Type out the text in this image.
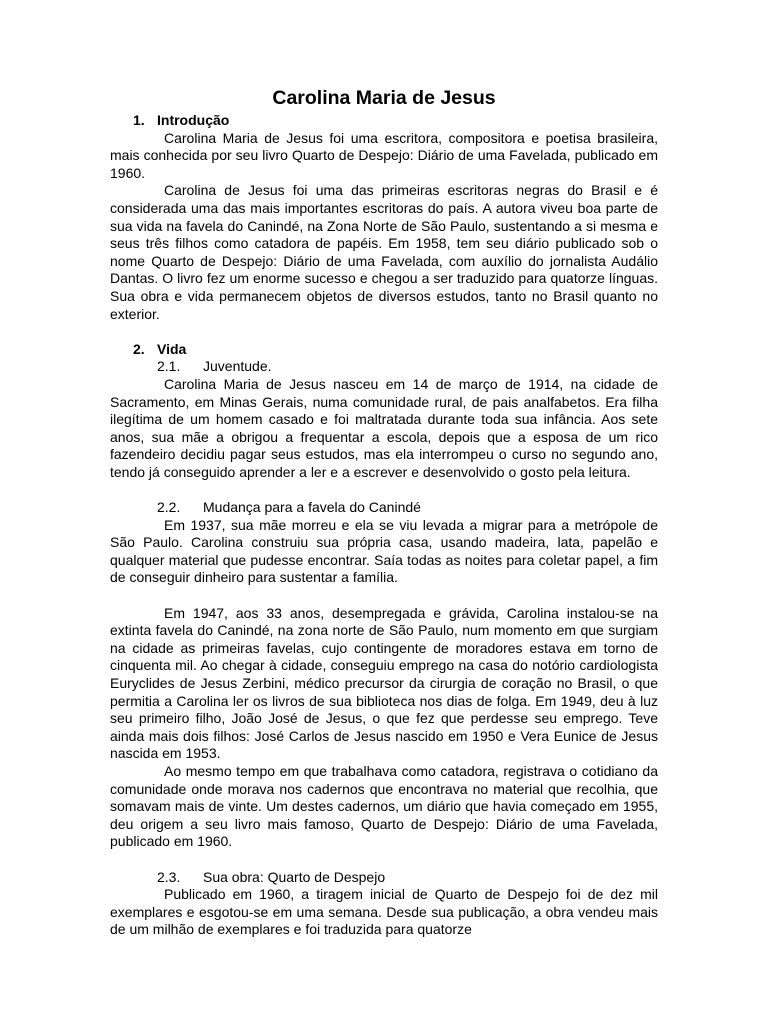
Carolina Maria de Jesus
1. Introdução

Carolina Maria de Jesus foi uma escritora, compositora e poetisa brasileira, mais conhecida por seu livro Quarto de Despejo: Diário de uma Favelada, publicado em 1960.

Carolina de Jesus foi uma das primeiras escritoras negras do Brasil e é considerada uma das mais importantes escritoras do país. A autora viveu boa parte de sua vida na favela do Canindé, na Zona Norte de São Paulo, sustentando a si mesma e seus três filhos como catadora de papéis. Em 1958, tem seu diário publicado sob o nome Quarto de Despejo: Diário de uma Favelada, com auxílio do jornalista Audálio Dantas. O livro fez um enorme sucesso e chegou a ser traduzido para quatorze línguas. Sua obra e vida permanecem objetos de diversos estudos, tanto no Brasil quanto no exterior.

2. Vida
2.1. Juventude.

Carolina Maria de Jesus nasceu em 14 de março de 1914, na cidade de Sacramento, em Minas Gerais, numa comunidade rural, de pais analfabetos. Era filha ilegítima de um homem casado e foi maltratada durante toda sua infância. Aos sete anos, sua mãe a obrigou a frequentar a escola, depois que a esposa de um rico fazendeiro decidiu pagar seus estudos, mas ela interrompeu o curso no segundo ano, tendo já conseguido aprender a ler e a escrever e desenvolvido o gosto pela leitura.

2.2. Mudança para a favela do Canindé

Em 1937, sua mãe morreu e ela se viu levada a migrar para a metrópole de São Paulo. Carolina construiu sua própria casa, usando madeira, lata, papelão e qualquer material que pudesse encontrar. Saía todas as noites para coletar papel, a fim de conseguir dinheiro para sustentar a família.

Em 1947, aos 33 anos, desempregada e grávida, Carolina instalou-se na extinta favela do Canindé, na zona norte de São Paulo, num momento em que surgiam na cidade as primeiras favelas, cujo contingente de moradores estava em torno de cinquenta mil. Ao chegar à cidade, conseguiu emprego na casa do notório cardiologista Euryclides de Jesus Zerbini, médico precursor da cirurgia de coração no Brasil, o que permitia a Carolina ler os livros de sua biblioteca nos dias de folga. Em 1949, deu à luz seu primeiro filho, João José de Jesus, o que fez que perdesse seu emprego. Teve ainda mais dois filhos: José Carlos de Jesus nascido em 1950 e Vera Eunice de Jesus nascida em 1953.

Ao mesmo tempo em que trabalhava como catadora, registrava o cotidiano da comunidade onde morava nos cadernos que encontrava no material que recolhia, que somavam mais de vinte. Um destes cadernos, um diário que havia começado em 1955, deu origem a seu livro mais famoso, Quarto de Despejo: Diário de uma Favelada, publicado em 1960.

2.3. Sua obra: Quarto de Despejo

Publicado em 1960, a tiragem inicial de Quarto de Despejo foi de dez mil exemplares e esgotou-se em uma semana. Desde sua publicação, a obra vendeu mais de um milhão de exemplares e foi traduzida para quatorze
